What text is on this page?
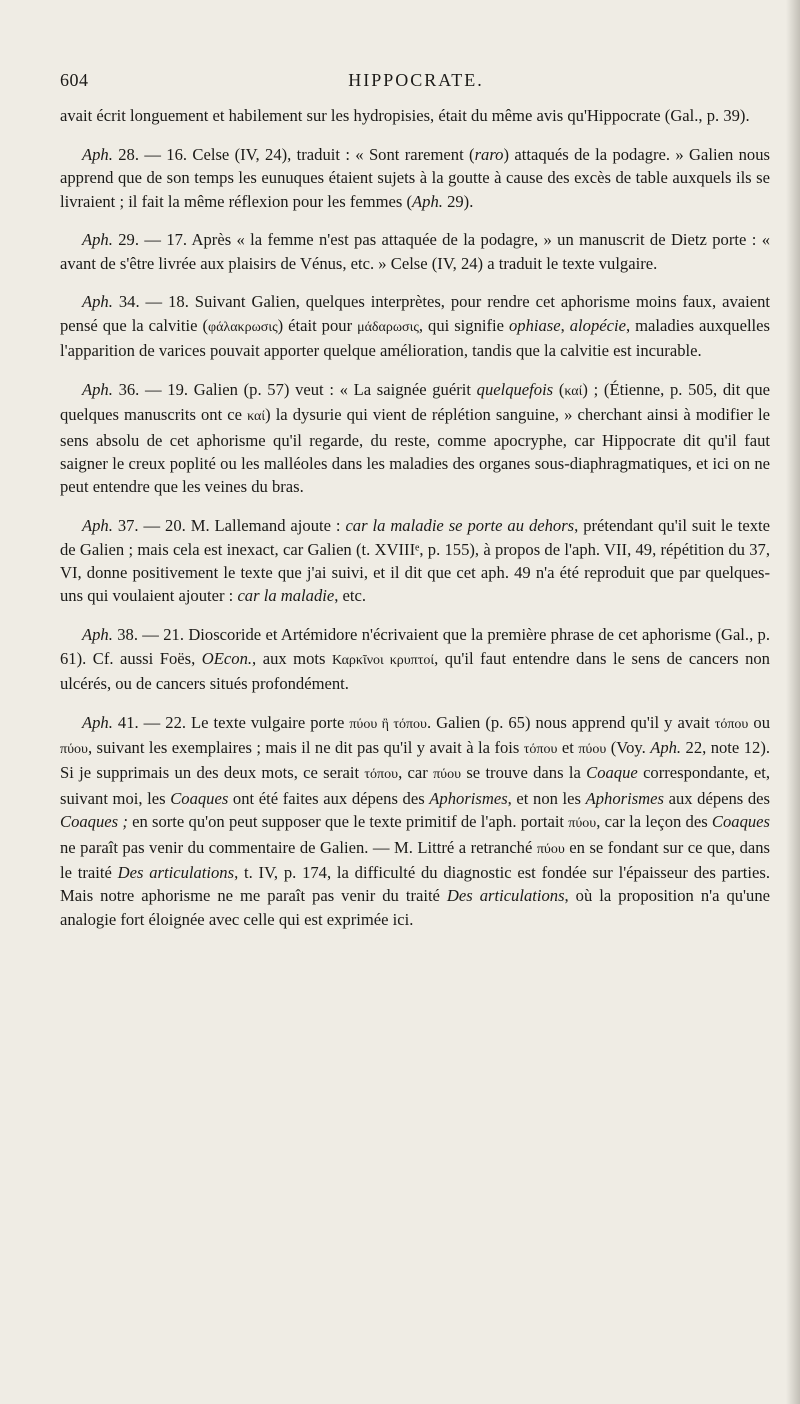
604	HIPPOCRATE.

avait écrit longuement et habilement sur les hydropisies, était du même avis qu'Hippocrate (Gal., p. 39).

Aph. 28. — 16. Celse (IV, 24), traduit : « Sont rarement (raro) attaqués de la podagre. » Galien nous apprend que de son temps les eunuques étaient sujets à la goutte à cause des excès de table auxquels ils se livraient ; il fait la même réflexion pour les femmes (Aph. 29).

Aph. 29. — 17. Après « la femme n'est pas attaquée de la podagre, » un manuscrit de Dietz porte : « avant de s'être livrée aux plaisirs de Vénus, etc. » Celse (IV, 24) a traduit le texte vulgaire.

Aph. 34. — 18. Suivant Galien, quelques interprètes, pour rendre cet aphorisme moins faux, avaient pensé que la calvitie (φάλακρωσις) était pour μάδαρωσις, qui signifie ophiase, alopécie, maladies auxquelles l'apparition de varices pouvait apporter quelque amélioration, tandis que la calvitie est incurable.

Aph. 36. — 19. Galien (p. 57) veut : « La saignée guérit quelquefois (καί) ; (Étienne, p. 505, dit que quelques manuscrits ont ce καί) la dysurie qui vient de réplétion sanguine, » cherchant ainsi à modifier le sens absolu de cet aphorisme qu'il regarde, du reste, comme apocryphe, car Hippocrate dit qu'il faut saigner le creux poplité ou les malléoles dans les maladies des organes sous-diaphragmatiques, et ici on ne peut entendre que les veines du bras.

Aph. 37. — 20. M. Lallemand ajoute : car la maladie se porte au dehors, prétendant qu'il suit le texte de Galien ; mais cela est inexact, car Galien (t. XVIIIᵉ, p. 155), à propos de l'aph. VII, 49, répétition du 37, VI, donne positivement le texte que j'ai suivi, et il dit que cet aph. 49 n'a été reproduit que par quelques-uns qui voulaient ajouter : car la maladie, etc.

Aph. 38. — 21. Dioscoride et Artémidore n'écrivaient que la première phrase de cet aphorisme (Gal., p. 61). Cf. aussi Foës, OEcon., aux mots Καρκῖνοι κρυπτοί, qu'il faut entendre dans le sens de cancers non ulcérés, ou de cancers situés profondément.

Aph. 41. — 22. Le texte vulgaire porte πύου ἢ τόπου. Galien (p. 65) nous apprend qu'il y avait τόπου ou πύου, suivant les exemplaires ; mais il ne dit pas qu'il y avait à la fois τόπου et πύου (Voy. Aph. 22, note 12). Si je supprimais un des deux mots, ce serait τόπου, car πύου se trouve dans la Coaque correspondante, et, suivant moi, les Coaques ont été faites aux dépens des Aphorismes, et non les Aphorismes aux dépens des Coaques ; en sorte qu'on peut supposer que le texte primitif de l'aph. portait πύου, car la leçon des Coaques ne paraît pas venir du commentaire de Galien. — M. Littré a retranché πύου en se fondant sur ce que, dans le traité Des articulations, t. IV, p. 174, la difficulté du diagnostic est fondée sur l'épaisseur des parties. Mais notre aphorisme ne me paraît pas venir du traité Des articulations, où la proposition n'a qu'une analogie fort éloignée avec celle qui est exprimée ici.
